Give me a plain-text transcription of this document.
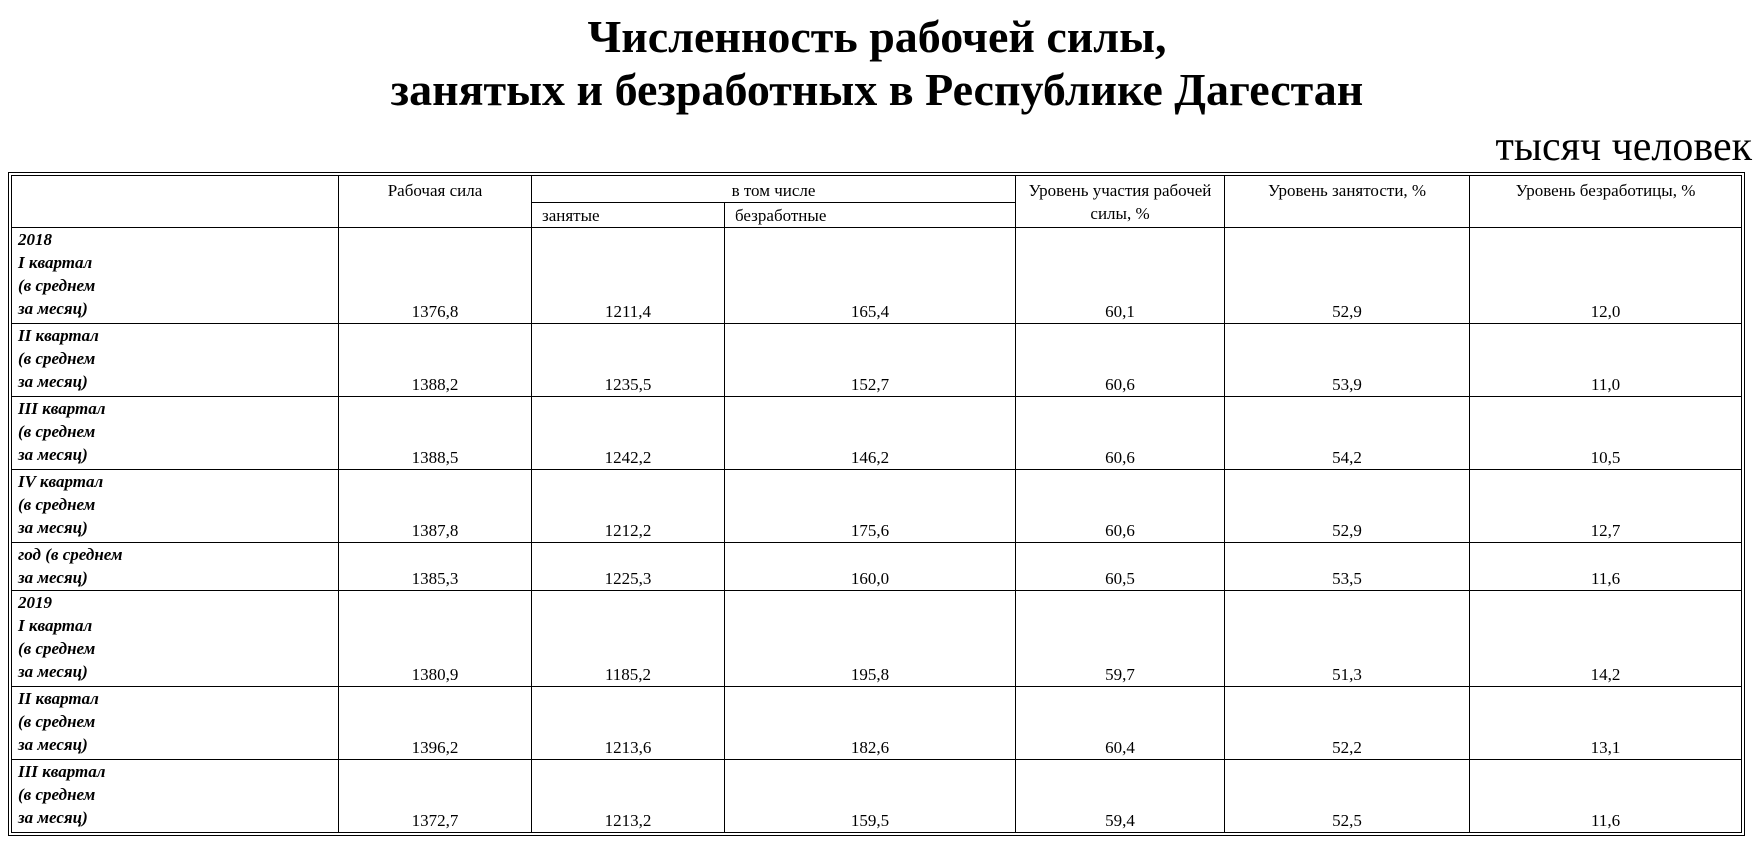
Численность рабочей силы,
занятых и безработных в Республике Дагестан
тысяч человек
	Рабочая сила	в том числе		Уровень участия рабочей силы, %	Уровень занятости, %	Уровень безработицы, %
		занятые	безработные			

2018
I квартал
(в среднем
за месяц)	1376,8	1211,4	165,4	60,1	52,9	12,0

II квартал
(в среднем
за месяц)	1388,2	1235,5	152,7	60,6	53,9	11,0

III квартал
(в среднем
за месяц)	1388,5	1242,2	146,2	60,6	54,2	10,5

IV квартал
(в среднем
за месяц)	1387,8	1212,2	175,6	60,6	52,9	12,7

год (в среднем
за месяц)	1385,3	1225,3	160,0	60,5	53,5	11,6

2019
I квартал
(в среднем
за месяц)	1380,9	1185,2	195,8	59,7	51,3	14,2

II квартал
(в среднем
за месяц)	1396,2	1213,6	182,6	60,4	52,2	13,1

III квартал
(в среднем
за месяц)	1372,7	1213,2	159,5	59,4	52,5	11,6
